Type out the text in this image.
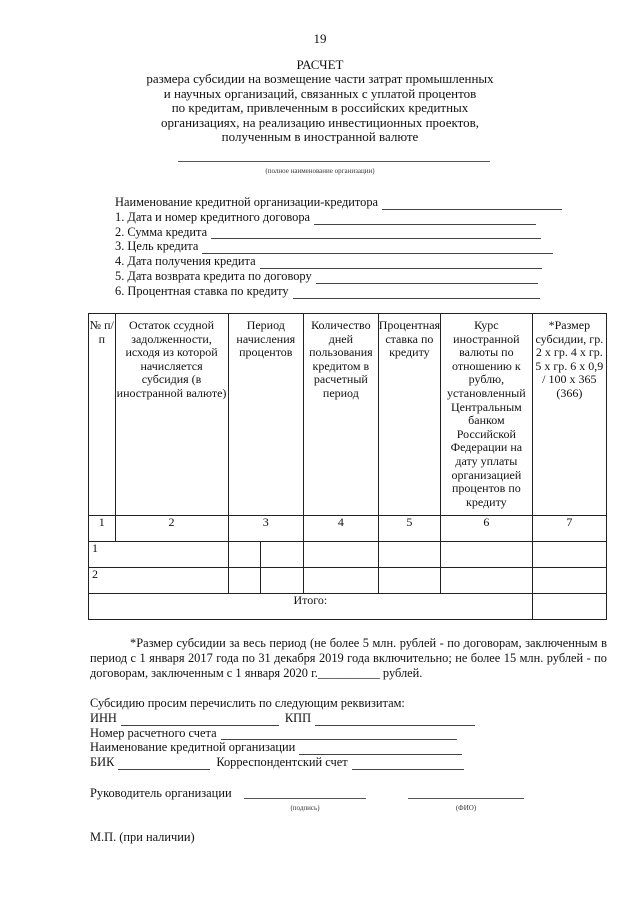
19
РАСЧЕТ
размера субсидии на возмещение части затрат промышленных
и научных организаций, связанных с уплатой процентов
по кредитам, привлеченным в российских кредитных
организациях, на реализацию инвестиционных проектов,
полученным в иностранной валюте
(полное наименование организации)
Наименование кредитной организации-кредитора
1. Дата и номер кредитного договора
2. Сумма кредита
3. Цель кредита
4. Дата получения кредита
5. Дата возврата кредита по договору
6. Процентная ставка по кредиту
№ п/п	Остаток ссудной задолженности, исходя из которой начисляется субсидия (в иностранной валюте)	Период начисления процентов		Количество дней пользования кредитом в расчетный период	Процентная ставка по кредиту	Курс иностранной валюты по отношению к рублю, установленный Центральным банком Российской Федерации на дату уплаты организацией процентов по кредиту	*Размер субсидии, гр. 2 x гр. 4 x гр. 5 x гр. 6 x 0,9 / 100 x 365 (366)
1	2	3		4	5	6	7
1							
2							
Итого:							
*Размер субсидии за весь период (не более 5 млн. рублей - по договорам, заключенным в период с 1 января 2017 года по 31 декабря 2019 года включительно; не более 15 млн. рублей - по договорам, заключенным с 1 января 2020 г.__________ рублей.
Субсидию просим перечислить по следующим реквизитам:
ИНН	КПП
Номер расчетного счета
Наименование кредитной организации
БИК	Корреспондентский счет
Руководитель организации
(подпись)	(ФИО)
М.П. (при наличии)
